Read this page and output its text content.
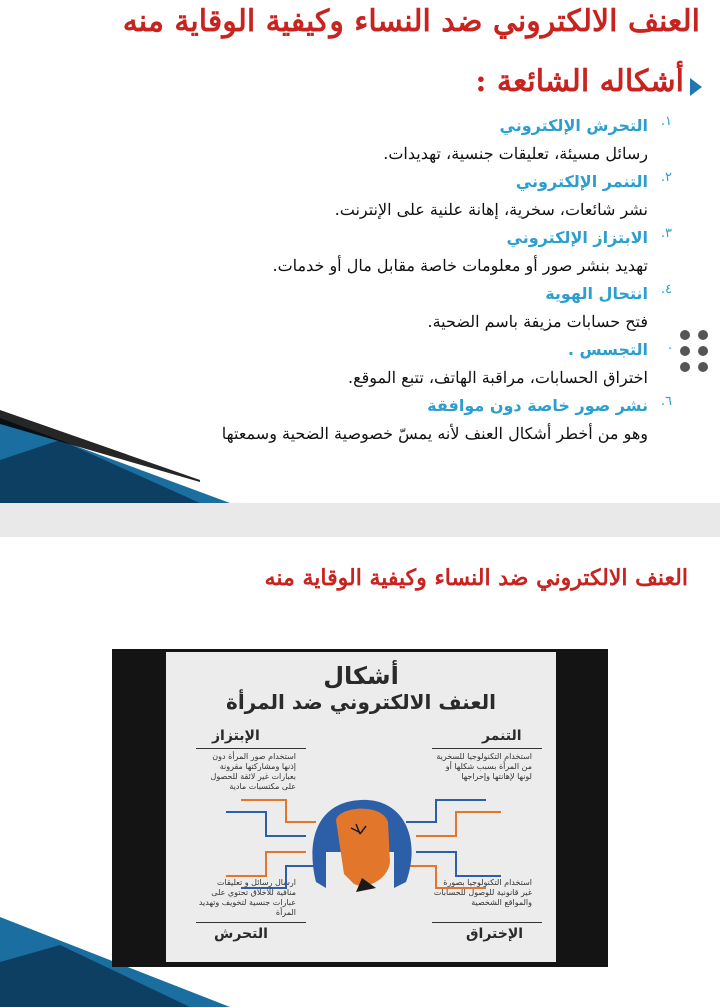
العنف الالكتروني ضد النساء وكيفية الوقاية منه
أشكاله الشائعة :
١.
التحرش الإلكتروني
رسائل مسيئة، تعليقات جنسية، تهديدات.
٢.
التنمر الإلكتروني
نشر شائعات، سخرية، إهانة علنية على الإنترنت.
٣.
الابتزاز الإلكتروني
تهديد بنشر صور أو معلومات خاصة مقابل مال أو خدمات.
٤.
انتحال الهوية
فتح حسابات مزيفة باسم الضحية.
.
التجسس .
اختراق الحسابات، مراقبة الهاتف، تتبع الموقع.
٦.
نشر صور خاصة دون موافقة
وهو من أخطر أشكال العنف لأنه يمسّ خصوصية الضحية وسمعتها
العنف الالكتروني ضد النساء وكيفية الوقاية منه
أشكال
العنف الالكتروني ضد المرأة
الإبتزاز
استخدام صور المرأة دون إذنها ومشاركتها مقرونة بعبارات غير لائقة للحصول على مكتسبات مادية
التنمر
استخدام التكنولوجيا للسخرية من المرأة بسبب شكلها أو لونها لإهانتها وإحراجها
ارسال رسائل و تعليقات منافية للأخلاق تحتوي على عبارات جنسية لتخويف وتهديد المرأة
التحرش
استخدام التكنولوجيا بصورة غير قانونية للوصول للحسابات والمواقع الشخصية
الإختراق
